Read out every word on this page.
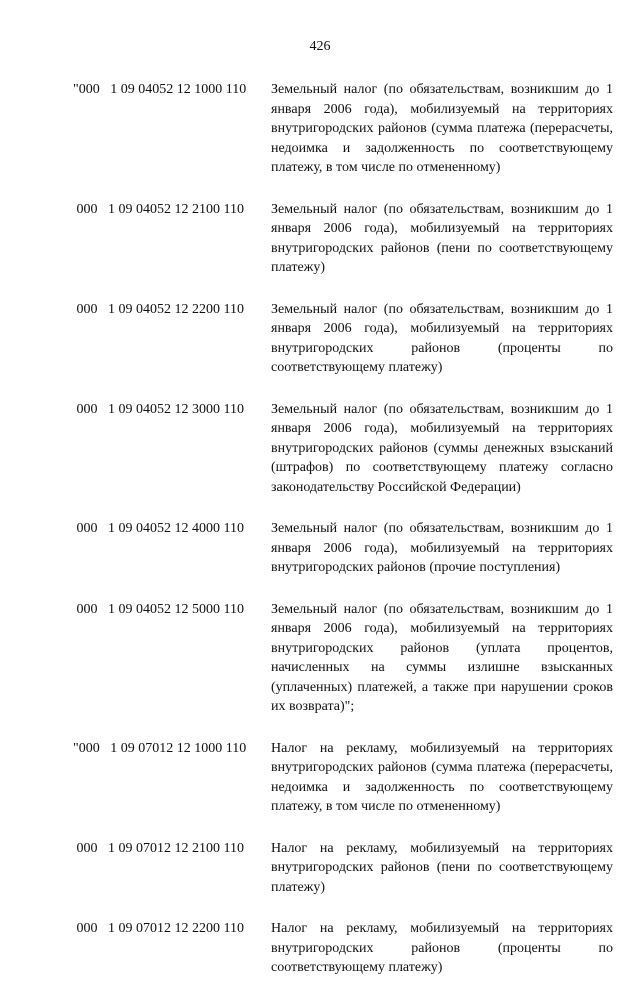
426
"000   1 09 04052 12 1000 110 Земельный налог (по обязательствам, возникшим до 1 января 2006 года), мобилизуемый на территориях внутригородских районов (сумма платежа (перерасчеты, недоимка и задолженность по соответствующему платежу, в том числе по отмененному)
000   1 09 04052 12 2100 110 Земельный налог (по обязательствам, возникшим до 1 января 2006 года), мобилизуемый на территориях внутригородских районов (пени по соответствующему платежу)
000   1 09 04052 12 2200 110 Земельный налог (по обязательствам, возникшим до 1 января 2006 года), мобилизуемый на территориях внутригородских районов (проценты по соответствующему платежу)
000   1 09 04052 12 3000 110 Земельный налог (по обязательствам, возникшим до 1 января 2006 года), мобилизуемый на территориях внутригородских районов (суммы денежных взысканий (штрафов) по соответствующему платежу согласно законодательству Российской Федерации)
000   1 09 04052 12 4000 110 Земельный налог (по обязательствам, возникшим до 1 января 2006 года), мобилизуемый на территориях внутригородских районов (прочие поступления)
000   1 09 04052 12 5000 110 Земельный налог (по обязательствам, возникшим до 1 января 2006 года), мобилизуемый на территориях внутригородских районов (уплата процентов, начисленных на суммы излишне взысканных (уплаченных) платежей, а также при нарушении сроков их возврата)";
"000   1 09 07012 12 1000 110 Налог на рекламу, мобилизуемый на территориях внутригородских районов (сумма платежа (перерасчеты, недоимка и задолженность по соответствующему платежу, в том числе по отмененному)
000   1 09 07012 12 2100 110 Налог на рекламу, мобилизуемый на территориях внутригородских районов (пени по соответствующему платежу)
000   1 09 07012 12 2200 110 Налог на рекламу, мобилизуемый на территориях внутригородских районов (проценты по соответствующему платежу)
